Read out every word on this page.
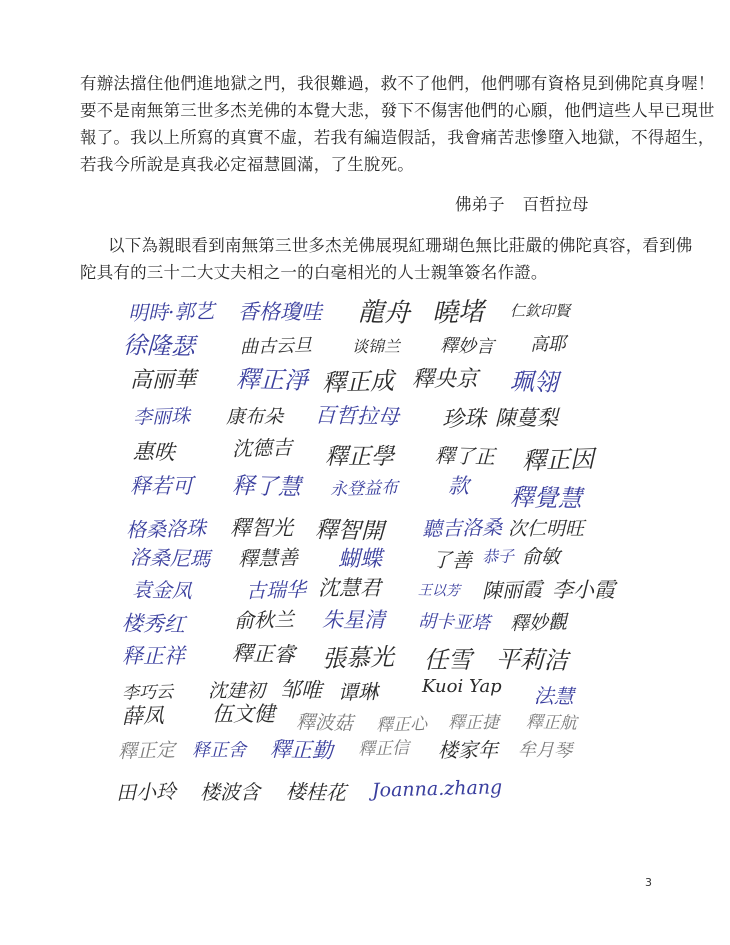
有辦法擋住他們進地獄之門，我很難過，救不了他們，他們哪有資格見到佛陀真身喔！
要不是南無第三世多杰羌佛的本覺大悲，發下不傷害他們的心願，他們這些人早已現世
報了。我以上所寫的真實不虛，若我有編造假話，我會痛苦悲慘墮入地獄，不得超生，
若我今所說是真我必定福慧圓滿，了生脫死。
佛弟子 百哲拉母
以下為親眼看到南無第三世多杰羌佛展現紅珊瑚色無比莊嚴的佛陀真容，看到佛
陀具有的三十二大丈夫相之一的白毫相光的人士親筆簽名作證。
明時·郭艺 香格瓊哇 龍舟 曉堵 仁欽印賢
徐隆瑟 曲古云旦 谈锦兰 釋妙言 高耶
高丽華 釋正淨 釋正成 釋央京 珮翎
李丽珠 康布朵 百哲拉母 珍珠 陳蔓梨
惠昳	沈德吉 釋正學 釋了正 釋正因
释若可 释了慧 永登益布 款 釋覺慧
格桑洛珠 釋智光 釋智開 聽吉洛桑 次仁明旺
洛桑尼瑪 釋慧善 蝴蝶 了善 恭子 俞敏
袁金凤	古瑞华 沈慧君	王以芳 陳丽霞 李小霞
楼秀红 俞秋兰 朱星清 胡卡亚塔 釋妙觀
释正祥 釋正睿 張慕光 任雪 平莉洁
李巧云 沈建初 邹唯 谭琳 Kuoi Yap 法慧
薛凤 伍文健 釋波菇 釋正心 釋正捷 釋正航
釋正定 释正舍 釋正勤 釋正信 楼家年 牟月琴
田小玲 楼波含 楼桂花 Joanna.zhang
3
